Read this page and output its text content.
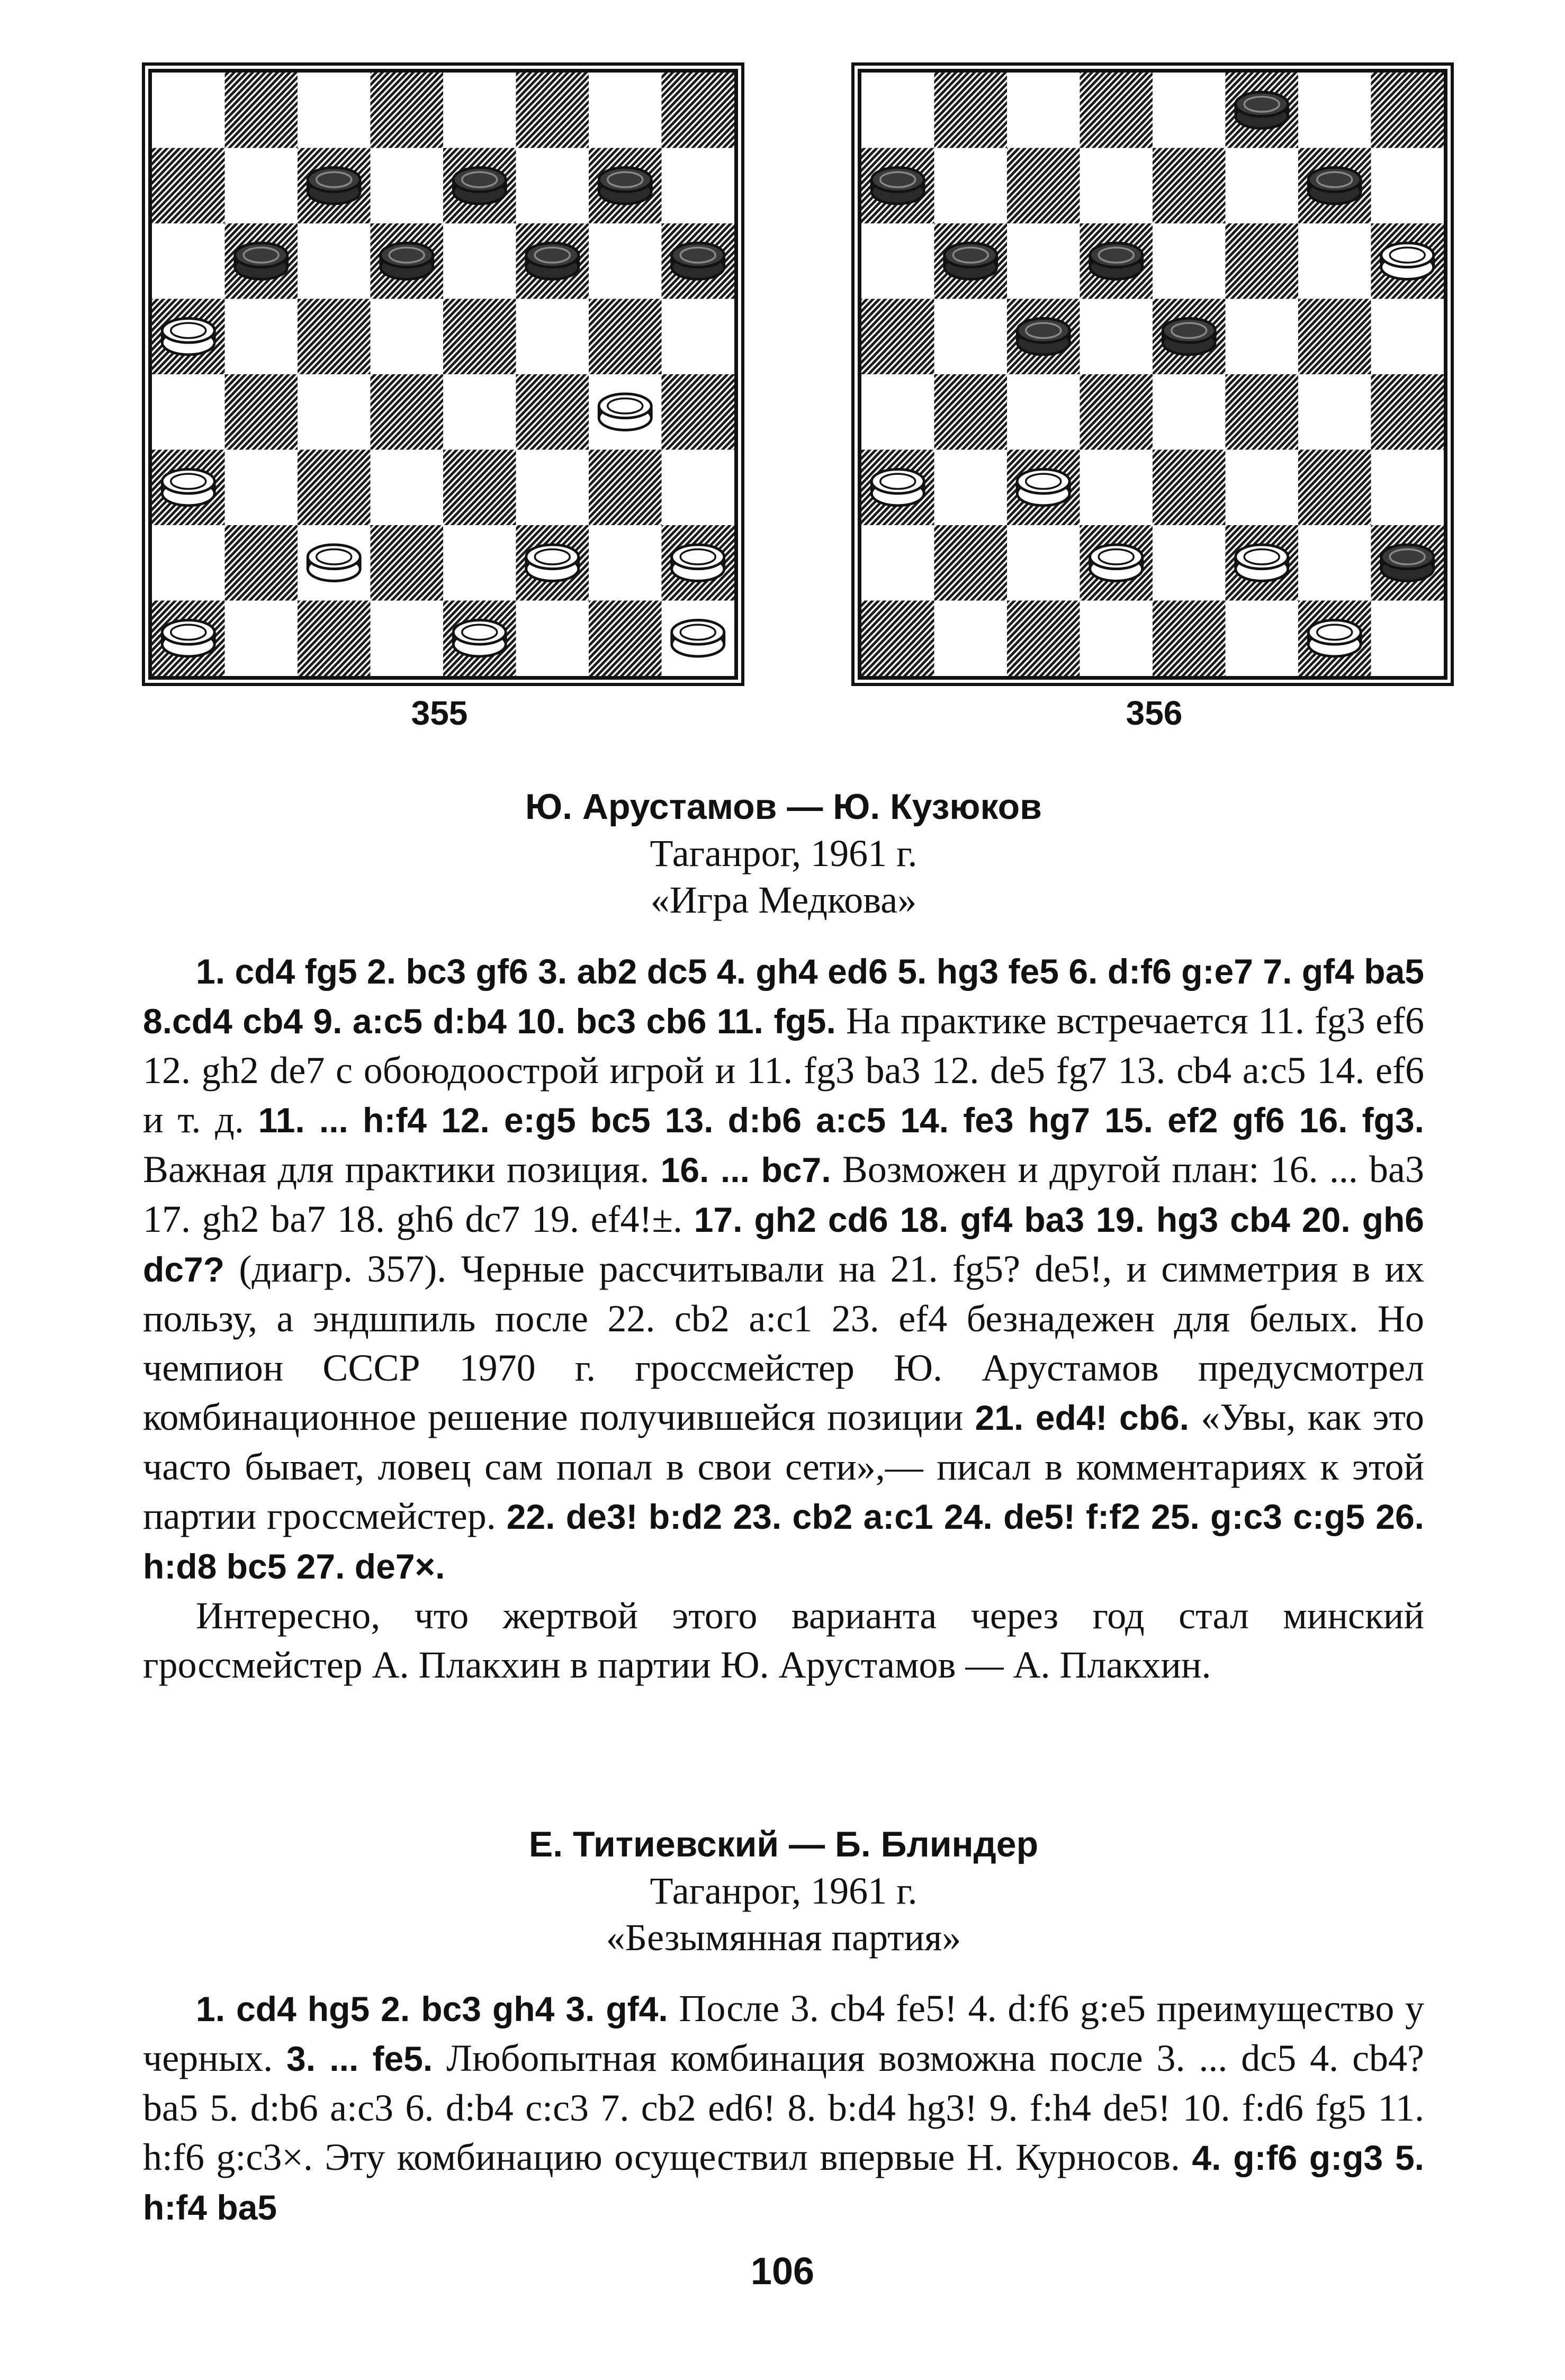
355	356
Ю. Арустамов — Ю. Кузюков
Таганрог, 1961 г.
«Игра Медкова»

1. cd4 fg5 2. bc3 gf6 3. ab2 dc5 4. gh4 ed6 5. hg3 fe5 6. d:f6 g:e7 7. gf4 ba5 8.cd4 cb4 9. a:c5 d:b4 10. bc3 cb6 11. fg5. На практике встречается 11. fg3 ef6 12. gh2 de7 с обоюдоострой игрой и 11. fg3 ba3 12. de5 fg7 13. cb4 a:c5 14. ef6 и т. д. 11. ... h:f4 12. e:g5 bc5 13. d:b6 a:c5 14. fe3 hg7 15. ef2 gf6 16. fg3. Важная для практики позиция. 16. ... bc7. Возможен и другой план: 16. ... ba3 17. gh2 ba7 18. gh6 dc7 19. ef4!±. 17. gh2 cd6 18. gf4 ba3 19. hg3 cb4 20. gh6 dc7? (диагр. 357). Черные рассчитывали на 21. fg5? de5!, и симметрия в их пользу, а эндшпиль после 22. cb2 a:c1 23. ef4 безнадежен для белых. Но чемпион СССР 1970 г. гроссмейстер Ю. Арустамов предусмотрел комбинационное решение получившейся позиции 21. ed4! cb6. «Увы, как это часто бывает, ловец сам попал в свои сети»,— писал в комментариях к этой партии гроссмейстер. 22. de3! b:d2 23. cb2 a:c1 24. de5! f:f2 25. g:c3 c:g5 26. h:d8 bc5 27. de7×.

Интересно, что жертвой этого варианта через год стал минский гроссмейстер А. Плакхин в партии Ю. Арустамов — А. Плакхин.

Е. Титиевский — Б. Блиндер
Таганрог, 1961 г.
«Безымянная партия»

1. cd4 hg5 2. bc3 gh4 3. gf4. После 3. cb4 fe5! 4. d:f6 g:e5 преимущество у черных. 3. ... fe5. Любопытная комбинация возможна после 3. ... dc5 4. cb4? ba5 5. d:b6 a:c3 6. d:b4 c:c3 7. cb2 ed6! 8. b:d4 hg3! 9. f:h4 de5! 10. f:d6 fg5 11. h:f6 g:c3×. Эту комбинацию осуществил впервые Н. Курносов. 4. g:f6 g:g3 5. h:f4 ba5

106
